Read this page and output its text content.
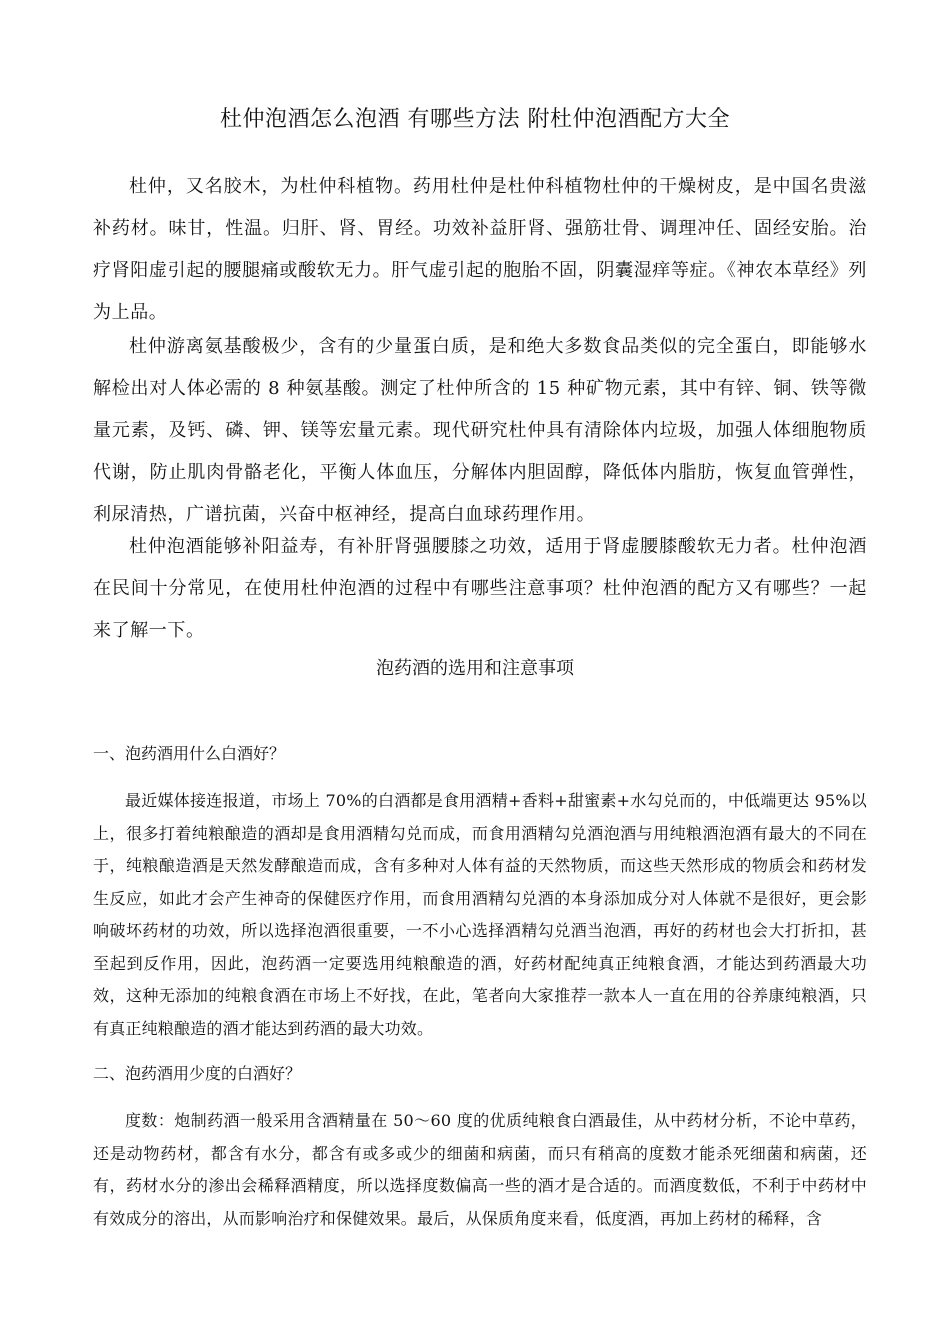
杜仲泡酒怎么泡酒 有哪些方法 附杜仲泡酒配方大全

杜仲，又名胶木，为杜仲科植物。药用杜仲是杜仲科植物杜仲的干燥树皮，是中国名贵滋补药材。味甘，性温。归肝、肾、胃经。功效补益肝肾、强筋壮骨、调理冲任、固经安胎。治疗肾阳虚引起的腰腿痛或酸软无力。肝气虚引起的胞胎不固，阴囊湿痒等症。《神农本草经》列为上品。

杜仲游离氨基酸极少，含有的少量蛋白质，是和绝大多数食品类似的完全蛋白，即能够水解检出对人体必需的 8 种氨基酸。测定了杜仲所含的 15 种矿物元素，其中有锌、铜、铁等微量元素，及钙、磷、钾、镁等宏量元素。现代研究杜仲具有清除体内垃圾，加强人体细胞物质代谢，防止肌肉骨骼老化，平衡人体血压，分解体内胆固醇，降低体内脂肪，恢复血管弹性，利尿清热，广谱抗菌，兴奋中枢神经，提高白血球药理作用。

杜仲泡酒能够补阳益寿，有补肝肾强腰膝之功效，适用于肾虚腰膝酸软无力者。杜仲泡酒在民间十分常见，在使用杜仲泡酒的过程中有哪些注意事项？杜仲泡酒的配方又有哪些？一起来了解一下。

泡药酒的选用和注意事项
一、泡药酒用什么白酒好？

最近媒体接连报道，市场上 70%的白酒都是食用酒精+香料+甜蜜素+水勾兑而的，中低端更达 95%以上，很多打着纯粮酿造的酒却是食用酒精勾兑而成，而食用酒精勾兑酒泡酒与用纯粮酒泡酒有最大的不同在于，纯粮酿造酒是天然发酵酿造而成，含有多种对人体有益的天然物质，而这些天然形成的物质会和药材发生反应，如此才会产生神奇的保健医疗作用，而食用酒精勾兑酒的本身添加成分对人体就不是很好，更会影响破坏药材的功效，所以选择泡酒很重要，一不小心选择酒精勾兑酒当泡酒，再好的药材也会大打折扣，甚至起到反作用，因此，泡药酒一定要选用纯粮酿造的酒，好药材配纯真正纯粮食酒，才能达到药酒最大功效，这种无添加的纯粮食酒在市场上不好找，在此，笔者向大家推荐一款本人一直在用的谷养康纯粮酒，只有真正纯粮酿造的酒才能达到药酒的最大功效。

二、泡药酒用少度的白酒好？

度数：炮制药酒一般采用含酒精量在 50～60 度的优质纯粮食白酒最佳，从中药材分析，不论中草药，还是动物药材，都含有水分，都含有或多或少的细菌和病菌，而只有稍高的度数才能杀死细菌和病菌，还有，药材水分的渗出会稀释酒精度，所以选择度数偏高一些的酒才是合适的。而酒度数低，不利于中药材中有效成分的溶出，从而影响治疗和保健效果。最后，从保质角度来看，低度酒，再加上药材的稀释，含
